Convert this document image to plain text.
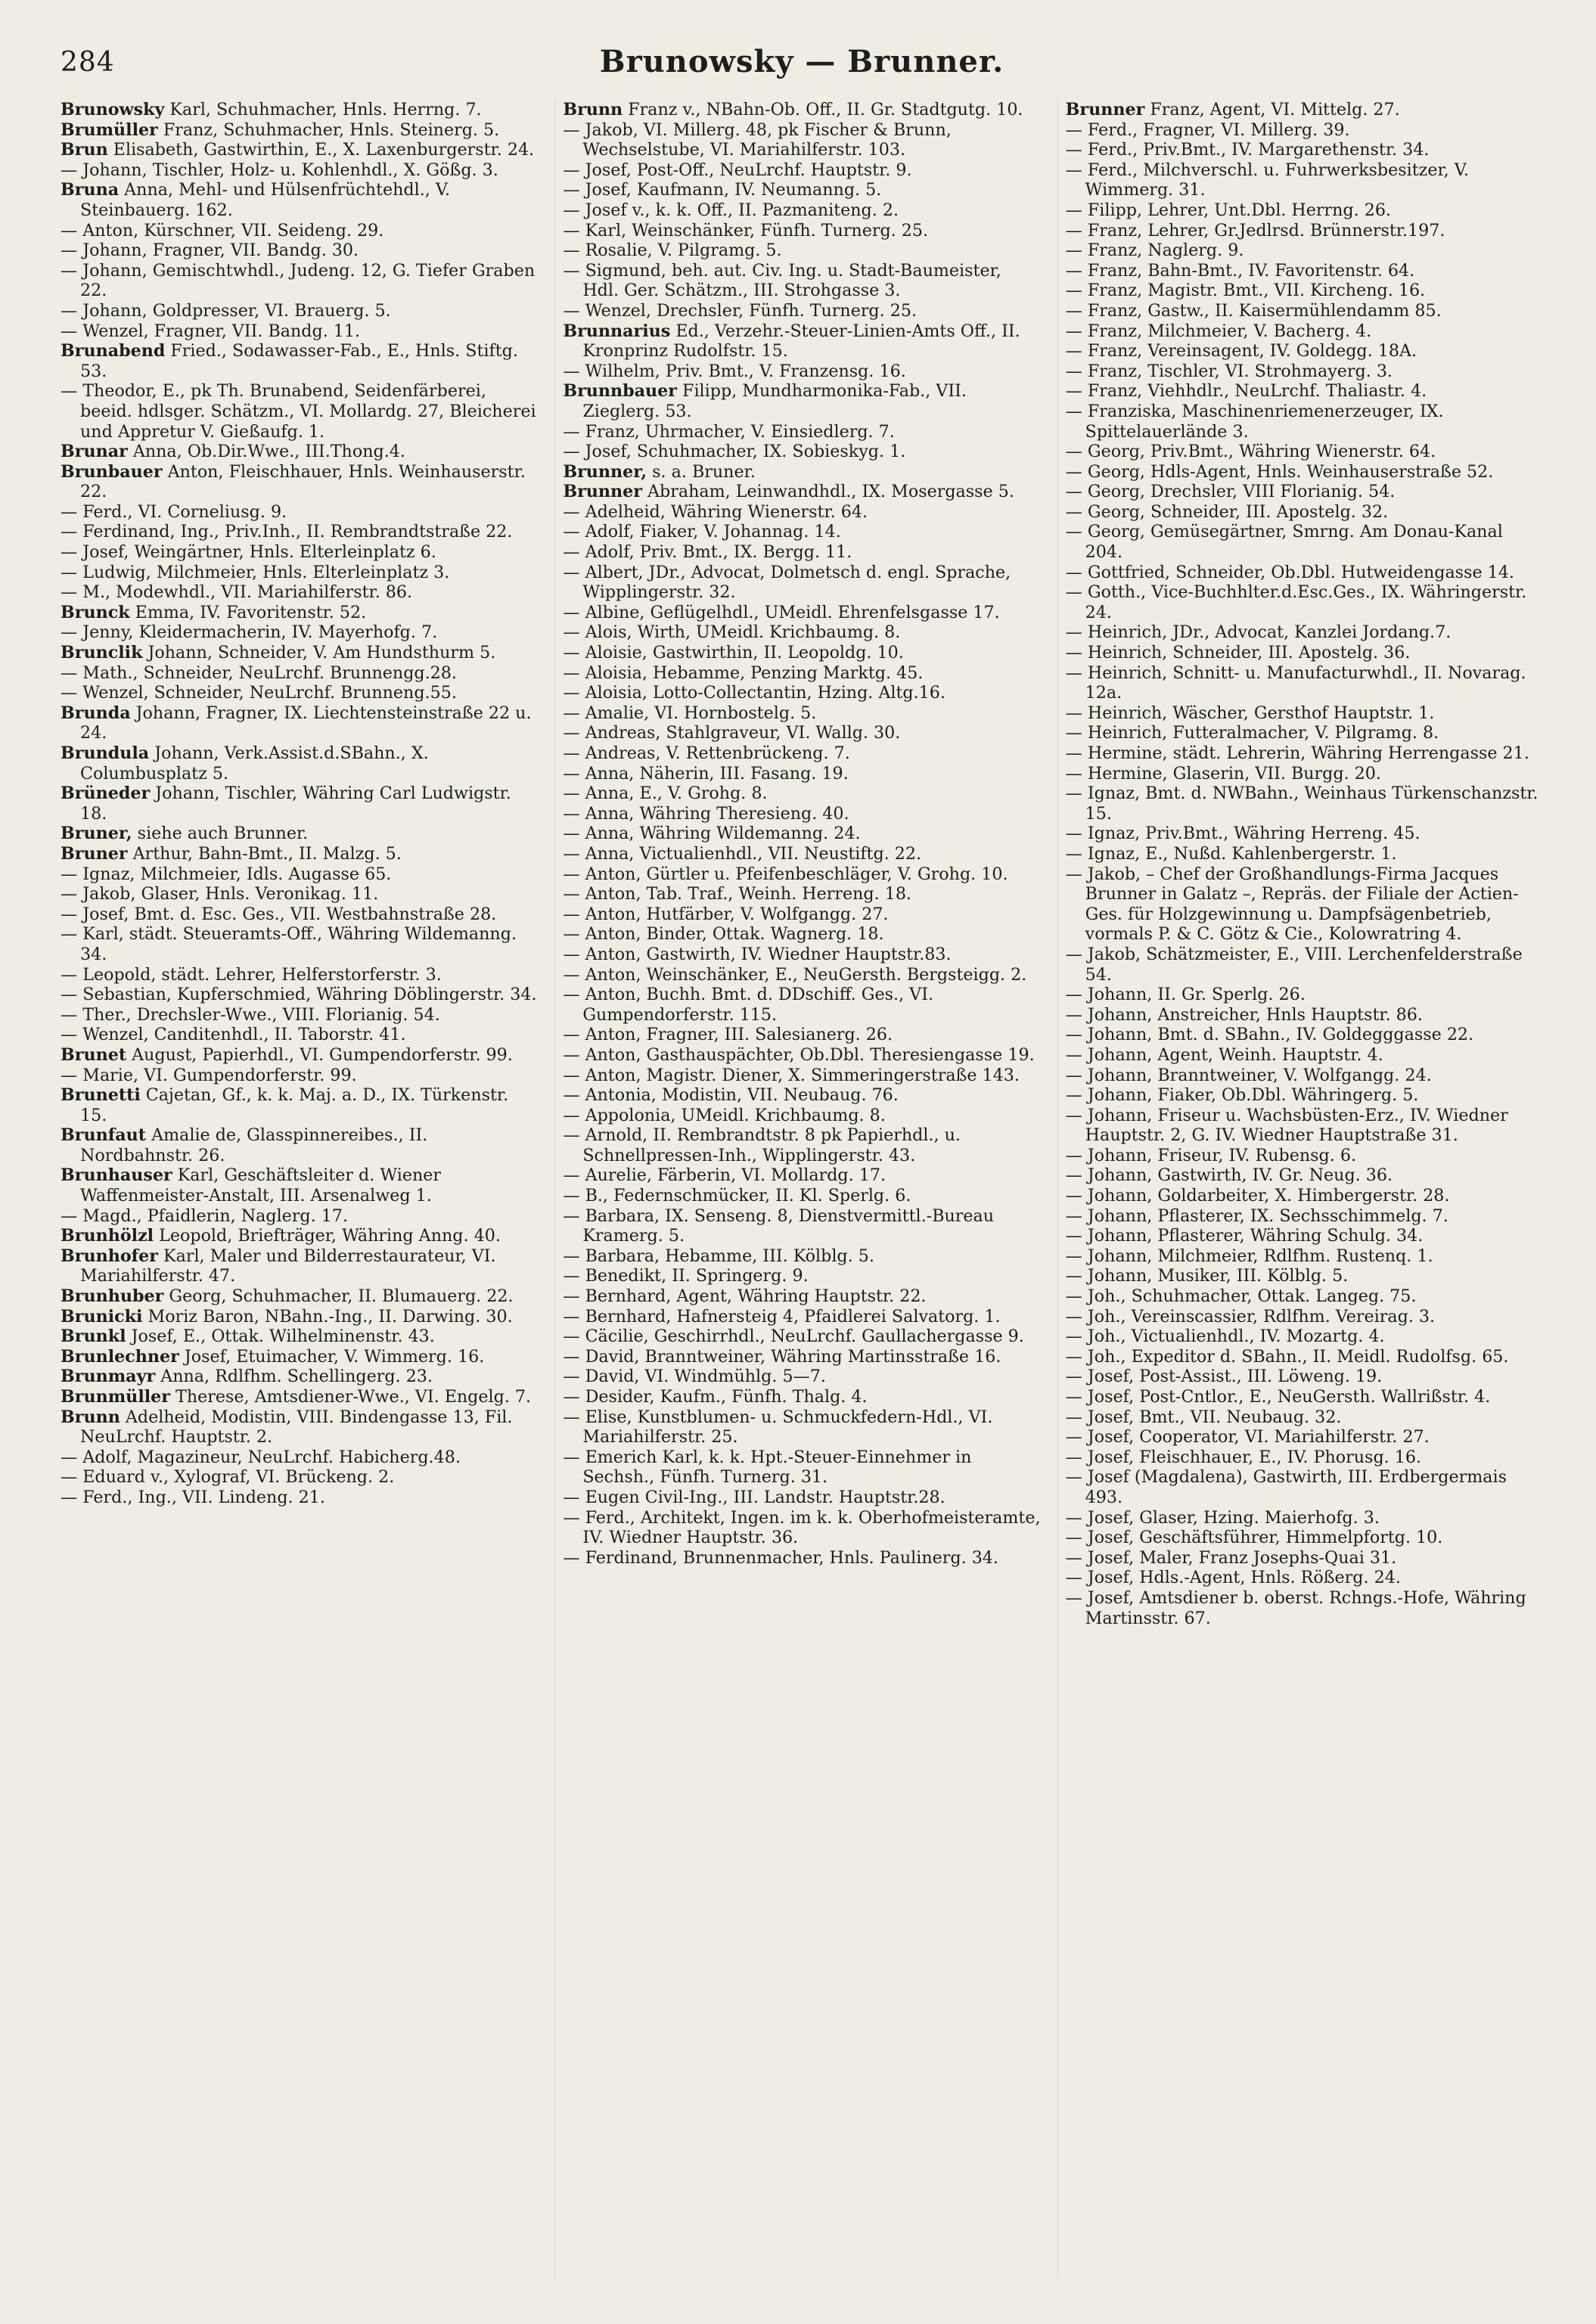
284	Brunowsky — Brunner.

Brunowsky Karl, Schuhmacher, Hnls. Herrng. 7.

Brumüller Franz, Schuhmacher, Hnls. Steinerg. 5.

Brun Elisabeth, Gastwirthin, E., X. Laxenburgerstr. 24.

— Johann, Tischler, Holz- u. Kohlenhdl., X. Gößg. 3.

Bruna Anna, Mehl- und Hülsenfrüchtehdl., V. Steinbauerg. 162.

— Anton, Kürschner, VII. Seideng. 29.

— Johann, Fragner, VII. Bandg. 30.

— Johann, Gemischtwhdl., Judeng. 12, G. Tiefer Graben 22.

— Johann, Goldpresser, VI. Brauerg. 5.

— Wenzel, Fragner, VII. Bandg. 11.

Brunabend Fried., Sodawasser-Fab., E., Hnls. Stiftg. 53.

— Theodor, E., pk Th. Brunabend, Seidenfärberei, beeid. hdlsger. Schätzm., VI. Mollardg. 27, Bleicherei und Appretur V. Gießaufg. 1.

Brunar Anna, Ob.Dir.Wwe., III.Thong.4.

Brunbauer Anton, Fleischhauer, Hnls. Weinhauserstr. 22.

— Ferd., VI. Corneliusg. 9.

— Ferdinand, Ing., Priv.Inh., II. Rembrandtstraße 22.

— Josef, Weingärtner, Hnls. Elterleinplatz 6.

— Ludwig, Milchmeier, Hnls. Elterleinplatz 3.

— M., Modewhdl., VII. Mariahilferstr. 86.

Brunck Emma, IV. Favoritenstr. 52.

— Jenny, Kleidermacherin, IV. Mayerhofg. 7.

Brunclik Johann, Schneider, V. Am Hundsthurm 5.

— Math., Schneider, NeuLrchf. Brunnengg.28.

— Wenzel, Schneider, NeuLrchf. Brunneng.55.

Brunda Johann, Fragner, IX. Liechtensteinstraße 22 u. 24.

Brundula Johann, Verk.Assist.d.SBahn., X. Columbusplatz 5.

Brüneder Johann, Tischler, Währing Carl Ludwigstr. 18.

Bruner, siehe auch Brunner.

Bruner Arthur, Bahn-Bmt., II. Malzg. 5.

— Ignaz, Milchmeier, Idls. Augasse 65.

— Jakob, Glaser, Hnls. Veronikag. 11.

— Josef, Bmt. d. Esc. Ges., VII. Westbahnstraße 28.

— Karl, städt. Steueramts-Off., Währing Wildemanng. 34.

— Leopold, städt. Lehrer, Helferstorferstr. 3.

— Sebastian, Kupferschmied, Währing Döblingerstr. 34.

— Ther., Drechsler-Wwe., VIII. Florianig. 54.

— Wenzel, Canditenhdl., II. Taborstr. 41.

Brunet August, Papierhdl., VI. Gumpendorferstr. 99.

— Marie, VI. Gumpendorferstr. 99.

Brunetti Cajetan, Gf., k. k. Maj. a. D., IX. Türkenstr. 15.

Brunfaut Amalie de, Glasspinnereibes., II. Nordbahnstr. 26.

Brunhauser Karl, Geschäftsleiter d. Wiener Waffenmeister-Anstalt, III. Arsenalweg 1.

— Magd., Pfaidlerin, Naglerg. 17.

Brunhölzl Leopold, Briefträger, Währing Anng. 40.

Brunhofer Karl, Maler und Bilderrestaurateur, VI. Mariahilferstr. 47.

Brunhuber Georg, Schuhmacher, II. Blumauerg. 22.

Brunicki Moriz Baron, NBahn.-Ing., II. Darwing. 30.

Brunkl Josef, E., Ottak. Wilhelminenstr. 43.

Brunlechner Josef, Etuimacher, V. Wimmerg. 16.

Brunmayr Anna, Rdlfhm. Schellingerg. 23.

Brunmüller Therese, Amtsdiener-Wwe., VI. Engelg. 7.

Brunn Adelheid, Modistin, VIII. Bindengasse 13, Fil. NeuLrchf. Hauptstr. 2.

— Adolf, Magazineur, NeuLrchf. Habicherg.48.

— Eduard v., Xylograf, VI. Brückeng. 2.

— Ferd., Ing., VII. Lindeng. 21.

Brunn Franz v., NBahn-Ob. Off., II. Gr. Stadtgutg. 10.

— Jakob, VI. Millerg. 48, pk Fischer & Brunn, Wechselstube, VI. Mariahilferstr. 103.

— Josef, Post-Off., NeuLrchf. Hauptstr. 9.

— Josef, Kaufmann, IV. Neumanng. 5.

— Josef v., k. k. Off., II. Pazmaniteng. 2.

— Karl, Weinschänker, Fünfh. Turnerg. 25.

— Rosalie, V. Pilgramg. 5.

— Sigmund, beh. aut. Civ. Ing. u. Stadt-Baumeister, Hdl. Ger. Schätzm., III. Strohgasse 3.

— Wenzel, Drechsler, Fünfh. Turnerg. 25.

Brunnarius Ed., Verzehr.-Steuer-Linien-Amts Off., II. Kronprinz Rudolfstr. 15.

— Wilhelm, Priv. Bmt., V. Franzensg. 16.

Brunnbauer Filipp, Mundharmonika-Fab., VII. Zieglerg. 53.

— Franz, Uhrmacher, V. Einsiedlerg. 7.

— Josef, Schuhmacher, IX. Sobieskyg. 1.

Brunner, s. a. Bruner.

Brunner Abraham, Leinwandhdl., IX. Mosergasse 5.

— Adelheid, Währing Wienerstr. 64.

— Adolf, Fiaker, V. Johannag. 14.

— Adolf, Priv. Bmt., IX. Bergg. 11.

— Albert, JDr., Advocat, Dolmetsch d. engl. Sprache, Wipplingerstr. 32.

— Albine, Geflügelhdl., UMeidl. Ehrenfelsgasse 17.

— Alois, Wirth, UMeidl. Krichbaumg. 8.

— Aloisie, Gastwirthin, II. Leopoldg. 10.

— Aloisia, Hebamme, Penzing Marktg. 45.

— Aloisia, Lotto-Collectantin, Hzing. Altg.16.

— Amalie, VI. Hornbostelg. 5.

— Andreas, Stahlgraveur, VI. Wallg. 30.

— Andreas, V. Rettenbrückeng. 7.

— Anna, Näherin, III. Fasang. 19.

— Anna, E., V. Grohg. 8.

— Anna, Währing Theresieng. 40.

— Anna, Währing Wildemanng. 24.

— Anna, Victualienhdl., VII. Neustiftg. 22.

— Anton, Gürtler u. Pfeifenbeschläger, V. Grohg. 10.

— Anton, Tab. Traf., Weinh. Herreng. 18.

— Anton, Hutfärber, V. Wolfgangg. 27.

— Anton, Binder, Ottak. Wagnerg. 18.

— Anton, Gastwirth, IV. Wiedner Hauptstr.83.

— Anton, Weinschänker, E., NeuGersth. Bergsteigg. 2.

— Anton, Buchh. Bmt. d. DDschiff. Ges., VI. Gumpendorferstr. 115.

— Anton, Fragner, III. Salesianerg. 26.

— Anton, Gasthauspächter, Ob.Dbl. Theresiengasse 19.

— Anton, Magistr. Diener, X. Simmeringerstraße 143.

— Antonia, Modistin, VII. Neubaug. 76.

— Appolonia, UMeidl. Krichbaumg. 8.

— Arnold, II. Rembrandtstr. 8 pk Papierhdl., u. Schnellpressen-Inh., Wipplingerstr. 43.

— Aurelie, Färberin, VI. Mollardg. 17.

— B., Federnschmücker, II. Kl. Sperlg. 6.

— Barbara, IX. Senseng. 8, Dienstvermittl.-Bureau Kramerg. 5.

— Barbara, Hebamme, III. Kölblg. 5.

— Benedikt, II. Springerg. 9.

— Bernhard, Agent, Währing Hauptstr. 22.

— Bernhard, Hafnersteig 4, Pfaidlerei Salvatorg. 1.

— Cäcilie, Geschirrhdl., NeuLrchf. Gaullachergasse 9.

— David, Branntweiner, Währing Martinsstraße 16.

— David, VI. Windmühlg. 5—7.

— Desider, Kaufm., Fünfh. Thalg. 4.

— Elise, Kunstblumen- u. Schmuckfedern-Hdl., VI. Mariahilferstr. 25.

— Emerich Karl, k. k. Hpt.-Steuer-Einnehmer in Sechsh., Fünfh. Turnerg. 31.

— Eugen Civil-Ing., III. Landstr. Hauptstr.28.

— Ferd., Architekt, Ingen. im k. k. Oberhofmeisteramte, IV. Wiedner Hauptstr. 36.

— Ferdinand, Brunnenmacher, Hnls. Paulinerg. 34.

Brunner Franz, Agent, VI. Mittelg. 27.

— Ferd., Fragner, VI. Millerg. 39.

— Ferd., Priv.Bmt., IV. Margarethenstr. 34.

— Ferd., Milchverschl. u. Fuhrwerksbesitzer, V. Wimmerg. 31.

— Filipp, Lehrer, Unt.Dbl. Herrng. 26.

— Franz, Lehrer, Gr.Jedlrsd. Brünnerstr.197.

— Franz, Naglerg. 9.

— Franz, Bahn-Bmt., IV. Favoritenstr. 64.

— Franz, Magistr. Bmt., VII. Kircheng. 16.

— Franz, Gastw., II. Kaisermühlendamm 85.

— Franz, Milchmeier, V. Bacherg. 4.

— Franz, Vereinsagent, IV. Goldegg. 18A.

— Franz, Tischler, VI. Strohmayerg. 3.

— Franz, Viehhdlr., NeuLrchf. Thaliastr. 4.

— Franziska, Maschinenriemenerzeuger, IX. Spittelauerlände 3.

— Georg, Priv.Bmt., Währing Wienerstr. 64.

— Georg, Hdls-Agent, Hnls. Weinhauserstraße 52.

— Georg, Drechsler, VIII Florianig. 54.

— Georg, Schneider, III. Apostelg. 32.

— Georg, Gemüsegärtner, Smrng. Am Donau-Kanal 204.

— Gottfried, Schneider, Ob.Dbl. Hutweidengasse 14.

— Gotth., Vice-Buchhlter.d.Esc.Ges., IX. Währingerstr. 24.

— Heinrich, JDr., Advocat, Kanzlei Jordang.7.

— Heinrich, Schneider, III. Apostelg. 36.

— Heinrich, Schnitt- u. Manufacturwhdl., II. Novarag. 12a.

— Heinrich, Wäscher, Gersthof Hauptstr. 1.

— Heinrich, Futteralmacher, V. Pilgramg. 8.

— Hermine, städt. Lehrerin, Währing Herrengasse 21.

— Hermine, Glaserin, VII. Burgg. 20.

— Ignaz, Bmt. d. NWBahn., Weinhaus Türkenschanzstr. 15.

— Ignaz, Priv.Bmt., Währing Herreng. 45.

— Ignaz, E., Nußd. Kahlenbergerstr. 1.

— Jakob, – Chef der Großhandlungs-Firma Jacques Brunner in Galatz –, Repräs. der Filiale der Actien-Ges. für Holzgewinnung u. Dampfsägenbetrieb, vormals P. & C. Götz & Cie., Kolowratring 4.

— Jakob, Schätzmeister, E., VIII. Lerchenfelderstraße 54.

— Johann, II. Gr. Sperlg. 26.

— Johann, Anstreicher, Hnls Hauptstr. 86.

— Johann, Bmt. d. SBahn., IV. Goldegggasse 22.

— Johann, Agent, Weinh. Hauptstr. 4.

— Johann, Branntweiner, V. Wolfgangg. 24.

— Johann, Fiaker, Ob.Dbl. Währingerg. 5.

— Johann, Friseur u. Wachsbüsten-Erz., IV. Wiedner Hauptstr. 2, G. IV. Wiedner Hauptstraße 31.

— Johann, Friseur, IV. Rubensg. 6.

— Johann, Gastwirth, IV. Gr. Neug. 36.

— Johann, Goldarbeiter, X. Himbergerstr. 28.

— Johann, Pflasterer, IX. Sechsschimmelg. 7.

— Johann, Pflasterer, Währing Schulg. 34.

— Johann, Milchmeier, Rdlfhm. Rustenq. 1.

— Johann, Musiker, III. Kölblg. 5.

— Joh., Schuhmacher, Ottak. Langeg. 75.

— Joh., Vereinscassier, Rdlfhm. Vereirag. 3.

— Joh., Victualienhdl., IV. Mozartg. 4.

— Joh., Expeditor d. SBahn., II. Meidl. Rudolfsg. 65.

— Josef, Post-Assist., III. Löweng. 19.

— Josef, Post-Cntlor., E., NeuGersth. Wallrißstr. 4.

— Josef, Bmt., VII. Neubaug. 32.

— Josef, Cooperator, VI. Mariahilferstr. 27.

— Josef, Fleischhauer, E., IV. Phorusg. 16.

— Josef (Magdalena), Gastwirth, III. Erdbergermais 493.

— Josef, Glaser, Hzing. Maierhofg. 3.

— Josef, Geschäftsführer, Himmelpfortg. 10.

— Josef, Maler, Franz Josephs-Quai 31.

— Josef, Hdls.-Agent, Hnls. Rößerg. 24.

— Josef, Amtsdiener b. oberst. Rchngs.-Hofe, Währing Martinsstr. 67.
